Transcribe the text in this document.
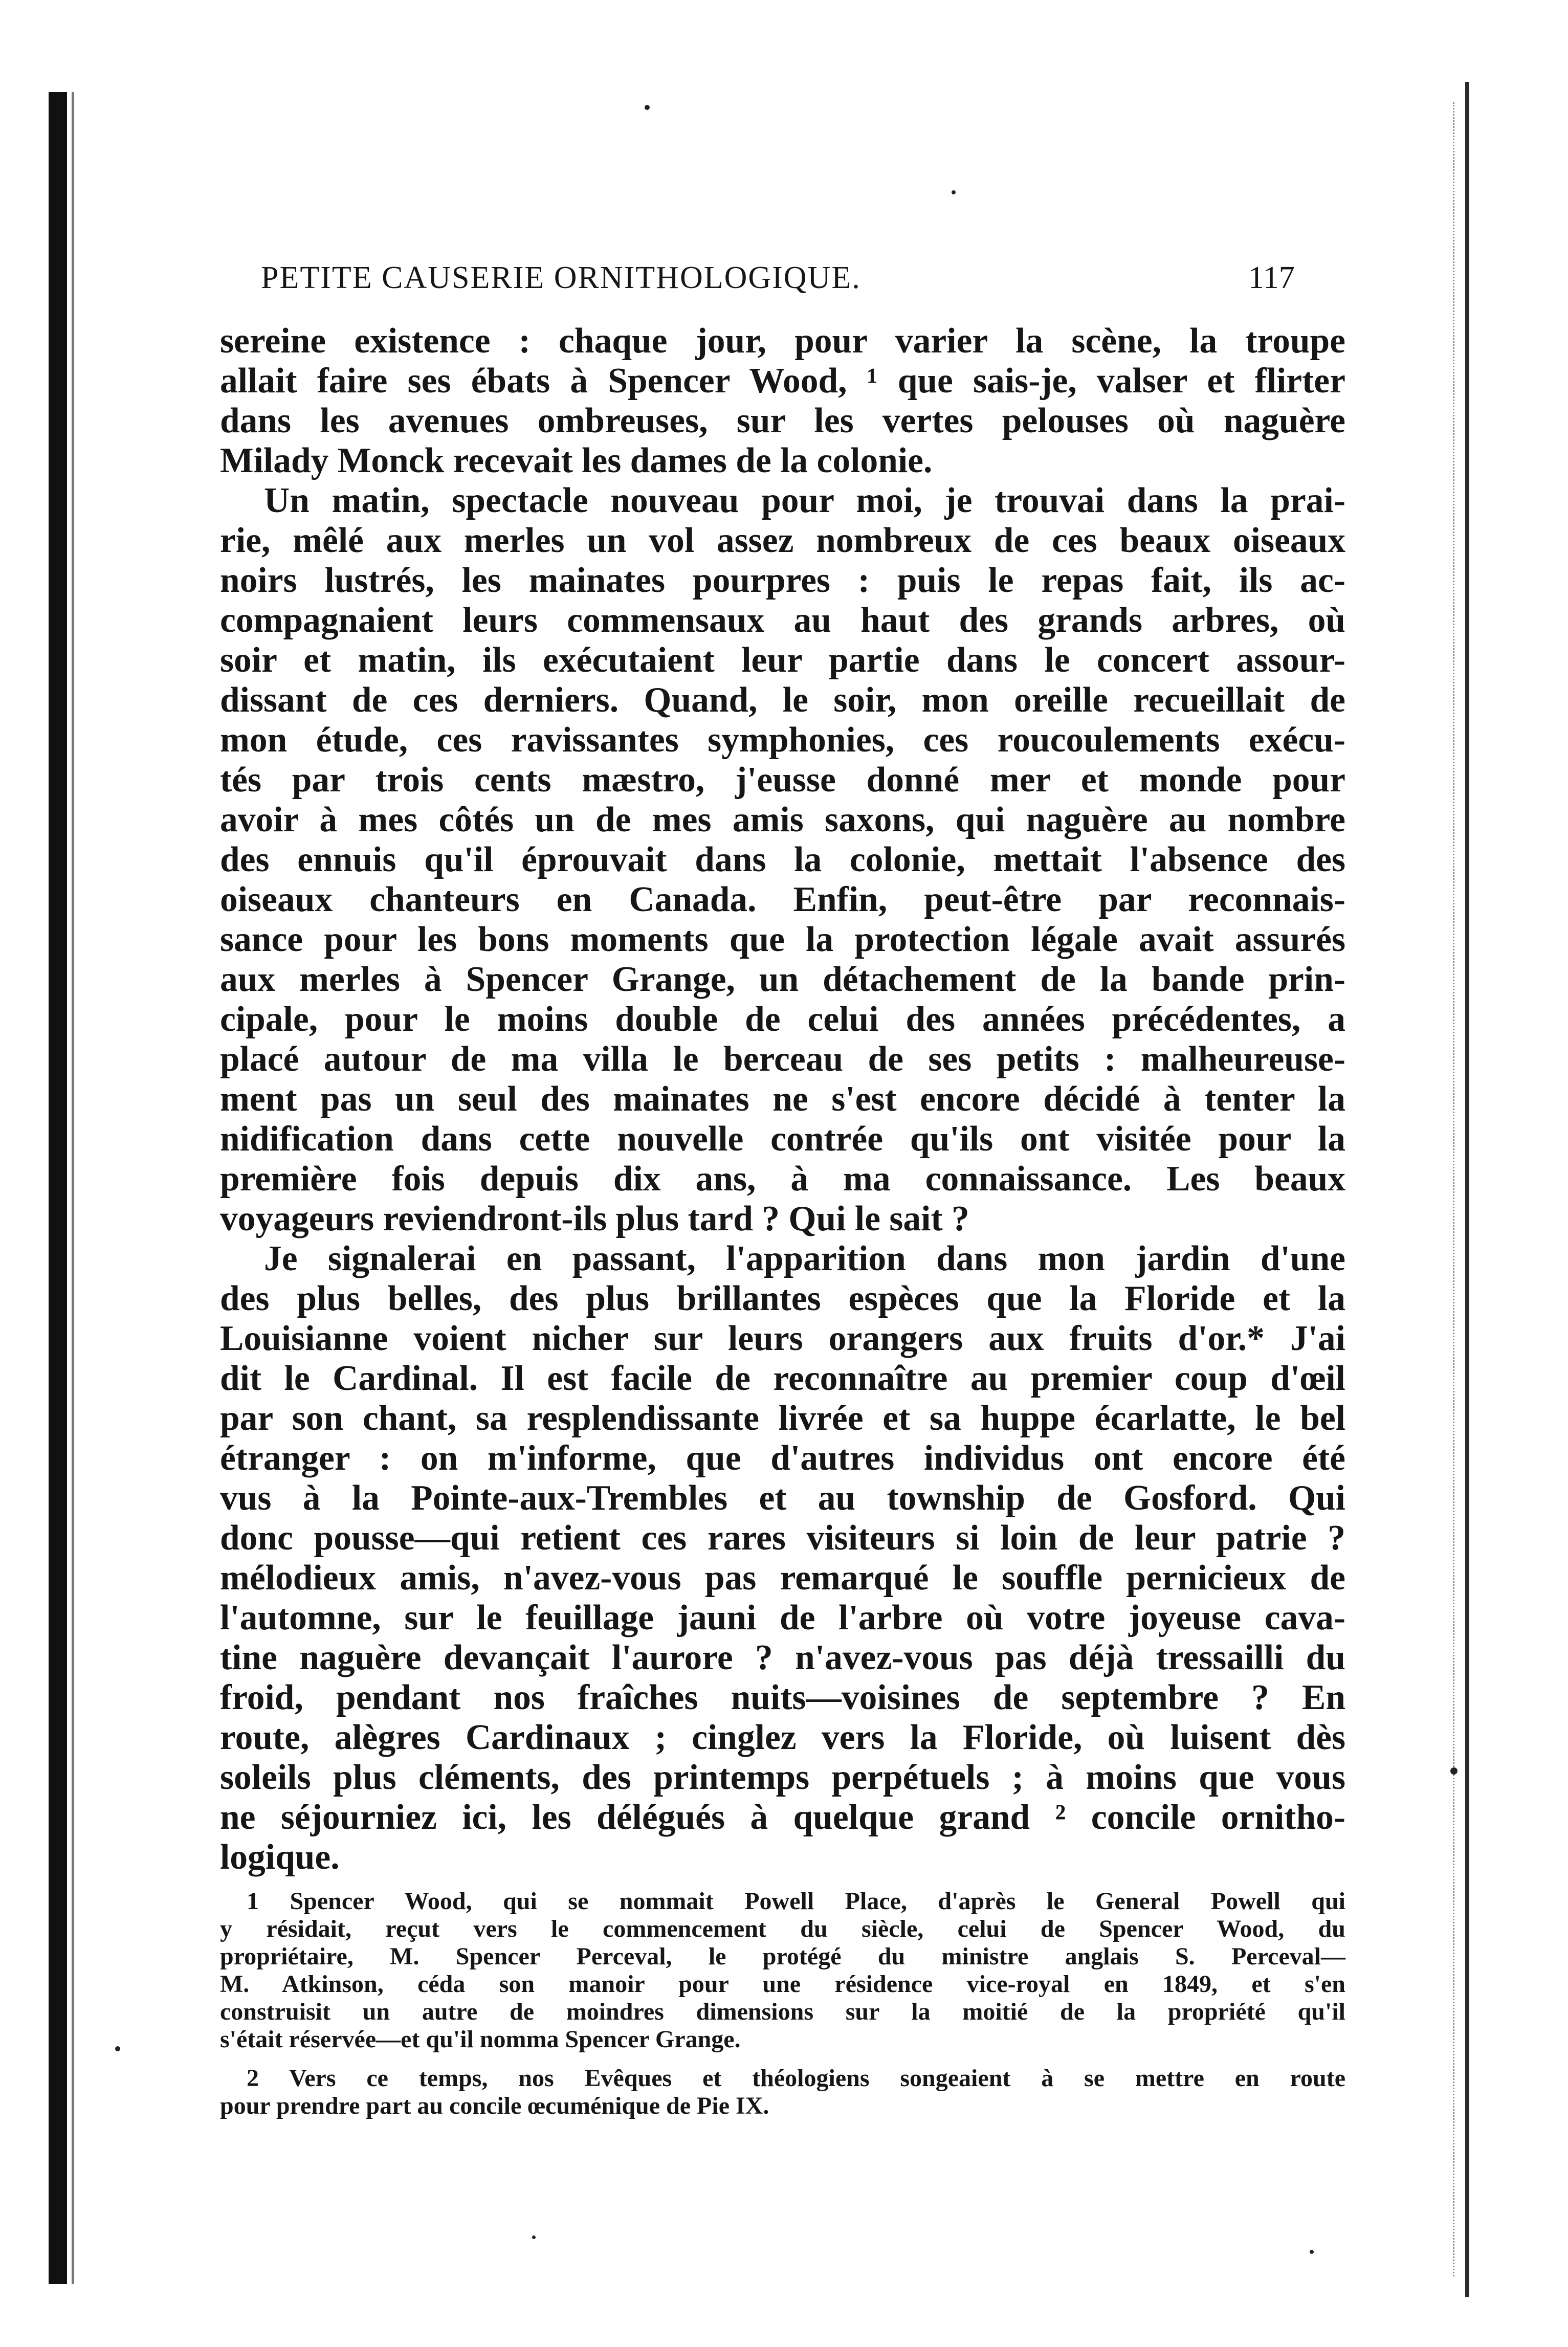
PETITE CAUSERIE ORNITHOLOGIQUE.	117

sereine existence : chaque jour, pour varier la scène, la troupe
allait faire ses ébats à Spencer Wood, ¹ que sais-je, valser et flirter
dans les avenues ombreuses, sur les vertes pelouses où naguère
Milady Monck recevait les dames de la colonie.

Un matin, spectacle nouveau pour moi, je trouvai dans la prai-
rie, mêlé aux merles un vol assez nombreux de ces beaux oiseaux
noirs lustrés, les mainates pourpres : puis le repas fait, ils ac-
compagnaient leurs commensaux au haut des grands arbres, où
soir et matin, ils exécutaient leur partie dans le concert assour-
dissant de ces derniers. Quand, le soir, mon oreille recueillait de
mon étude, ces ravissantes symphonies, ces roucoulements exécu-
tés par trois cents mæstro, j'eusse donné mer et monde pour
avoir à mes côtés un de mes amis saxons, qui naguère au nombre
des ennuis qu'il éprouvait dans la colonie, mettait l'absence des
oiseaux chanteurs en Canada. Enfin, peut-être par reconnais-
sance pour les bons moments que la protection légale avait assurés
aux merles à Spencer Grange, un détachement de la bande prin-
cipale, pour le moins double de celui des années précédentes, a
placé autour de ma villa le berceau de ses petits : malheureuse-
ment pas un seul des mainates ne s'est encore décidé à tenter la
nidification dans cette nouvelle contrée qu'ils ont visitée pour la
première fois depuis dix ans, à ma connaissance. Les beaux
voyageurs reviendront-ils plus tard ? Qui le sait ?

Je signalerai en passant, l'apparition dans mon jardin d'une
des plus belles, des plus brillantes espèces que la Floride et la
Louisianne voient nicher sur leurs orangers aux fruits d'or.* J'ai
dit le Cardinal. Il est facile de reconnaître au premier coup d'œil
par son chant, sa resplendissante livrée et sa huppe écarlatte, le bel
étranger : on m'informe, que d'autres individus ont encore été
vus à la Pointe-aux-Trembles et au township de Gosford. Qui
donc pousse—qui retient ces rares visiteurs si loin de leur patrie ?
mélodieux amis, n'avez-vous pas remarqué le souffle pernicieux de
l'automne, sur le feuillage jauni de l'arbre où votre joyeuse cava-
tine naguère devançait l'aurore ? n'avez-vous pas déjà tressailli du
froid, pendant nos fraîches nuits—voisines de septembre ? En
route, alègres Cardinaux ; cinglez vers la Floride, où luisent dès
soleils plus cléments, des printemps perpétuels ; à moins que vous
ne séjourniez ici, les délégués à quelque grand ² concile ornitho-
logique.

1 Spencer Wood, qui se nommait Powell Place, d'après le General Powell qui
y résidait, reçut vers le commencement du siècle, celui de Spencer Wood, du
propriétaire, M. Spencer Perceval, le protégé du ministre anglais S. Perceval—
M. Atkinson, céda son manoir pour une résidence vice-royal en 1849, et s'en
construisit un autre de moindres dimensions sur la moitié de la propriété qu'il
s'était réservée—et qu'il nomma Spencer Grange.
2 Vers ce temps, nos Evêques et théologiens songeaient à se mettre en route
pour prendre part au concile œcuménique de Pie IX.
